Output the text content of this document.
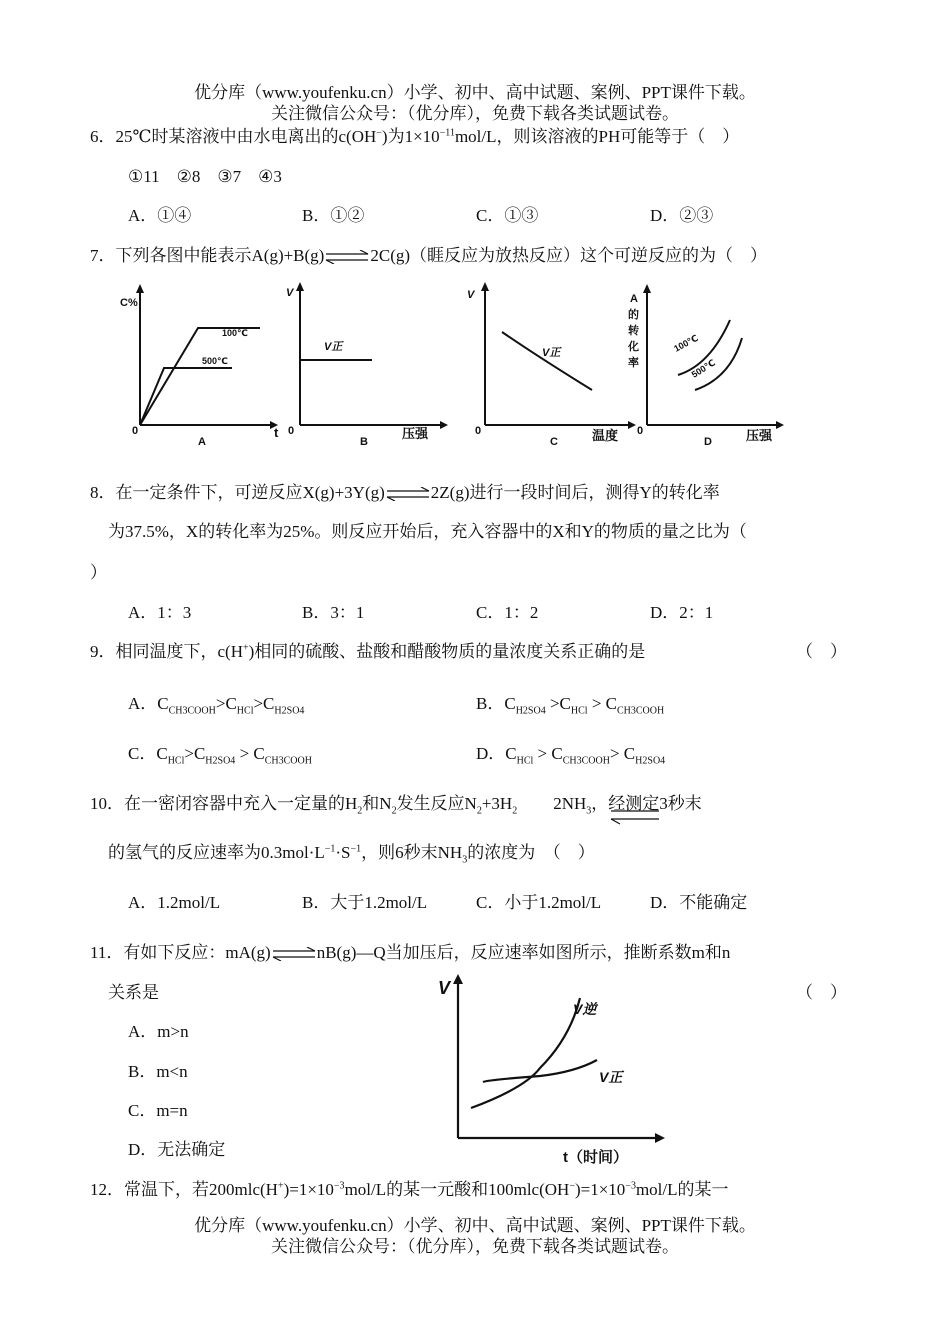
优分库（www.youfenku.cn）小学、初中、高中试题、案例、PPT课件下载。
关注微信公众号：（优分库），免费下载各类试题试卷。
6．25℃时某溶液中由水电离出的c(OH−)为$1\times 10^{-11}mol/L$，则该溶液的PH可能等于（　）
①11　②8　③7　④3
A．①④	B．①②	C．①③	D．②③
7．下列各图中能表示A(g)+B(g)⇌2C(g)（睚反应为放热反应）这个可逆反应的为（　）
C%
100℃
500℃
0	t
A
V
V正
0	压强
B
V
V正
0	温度
C
A
的
转
化
率
100℃
500℃
0	压强
D
8．在一定条件下，可逆反应X(g)+3Y(g)⇌2Z(g)进行一段时间后，测得Y的转化率
为37.5%，X的转化率为25%。则反应开始后，充入容器中的X和Y的物质的量之比为（
）
A．1：3	B．3：1	C．1：2	D．2：1
9．相同温度下，c(H+)相同的硫酸、盐酸和醋酸物质的量浓度关系正确的是	（　）
A．$C_{CH3COOH}>C_{HCl}>C_{H2SO4}$	B．$C_{H2SO4} >C_{HCl} > C_{CH3COOH}$
C．$C_{HCl}>C_{H2SO4} > C_{CH3COOH}$	D．$C_{HCl} > C_{CH3COOH}> C_{H2SO4}$
10．在一密闭容器中充入一定量的$H_2$和$N_2$发生反应$N_2+3H_2$ $2NH_3$，经测定3秒末
的氢气的反应速率为$0.3mol\cdot L^{-1}\cdot S^{-1}$，则6秒末$NH_3$的浓度为　（　）
A．1.2mol/L	B．大于1.2mol/L	C．小于1.2mol/L	D．不能确定
11．有如下反应：mA(g)⇌nB(g)—Q当加压后，反应速率如图所示，推断系数m和n
关系是	（　）
A．m>n
B．m<n
C．m=n
D．无法确定
V
V逆
V正
t（时间）
12．常温下，若$200mlc(H^+)=1\times 10^{-3}mol/L$的某一元酸和$100mlc(OH^-)=1\times 10^{-3}mol/L$的某一
优分库（www.youfenku.cn）小学、初中、高中试题、案例、PPT课件下载。
关注微信公众号：（优分库），免费下载各类试题试卷。
